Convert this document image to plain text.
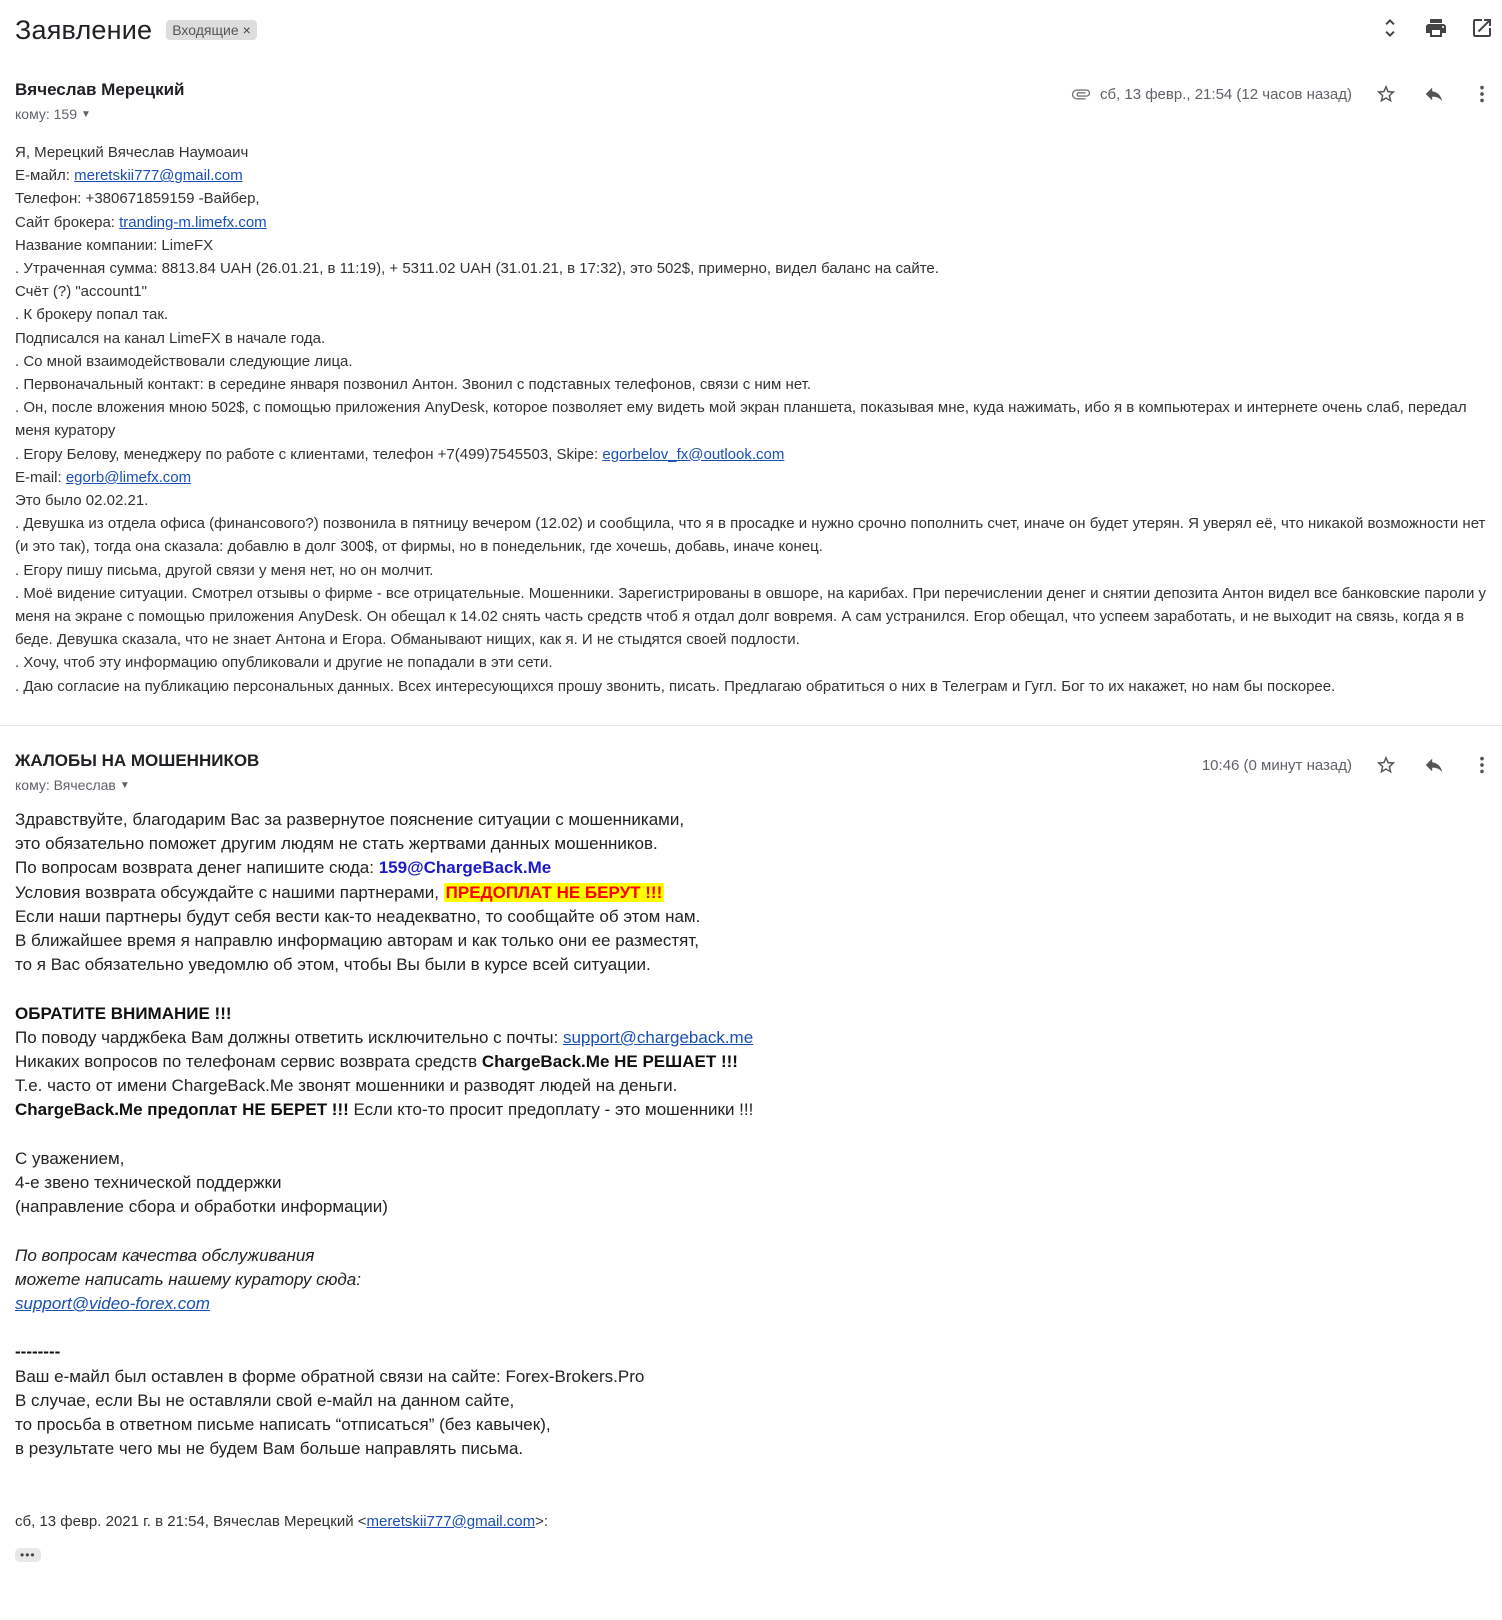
Заявление Входящие ×
Вячеслав Мерецкий
кому: 159 ▼
сб, 13 февр., 21:54 (12 часов назад)
Я, Мерецкий Вячеслав Наумоаич
Е-майл: meretskii777@gmail.com
Телефон: +380671859159 -Вайбер,
Сайт брокера: tranding-m.limefx.com
Название компании: LimeFX
. Утраченная сумма: 8813.84 UAH (26.01.21, в 11:19), + 5311.02 UAH (31.01.21, в 17:32), это 502$, примерно, видел баланс на сайте.
Счёт (?) "account1"
. К брокеру попал так.
Подписался на канал LimeFX в начале года.
. Со мной взаимодействовали следующие лица.
. Первоначальный контакт: в середине января позвонил Антон. Звонил с подставных телефонов, связи с ним нет.
. Он, после вложения мною 502$, с помощью приложения AnyDesk, которое позволяет ему видеть мой экран планшета, показывая мне, куда нажимать, ибо я в компьютерах и интернете очень слаб, передал меня куратору
. Егору Белову, менеджеру по работе с клиентами, телефон +7(499)7545503, Skipe: egorbelov_fx@outlook.com
E-mail: egorb@limefx.com
Это было 02.02.21.
. Девушка из отдела офиса (финансового?) позвонила в пятницу вечером (12.02) и сообщила, что я в просадке и нужно срочно пополнить счет, иначе он будет утерян. Я уверял её, что никакой возможности нет (и это так), тогда она сказала: добавлю в долг 300$, от фирмы, но в понедельник, где хочешь, добавь, иначе конец.
. Егору пишу письма, другой связи у меня нет, но он молчит.
. Моё видение ситуации. Смотрел отзывы о фирме - все отрицательные. Мошенники. Зарегистрированы в овшоре, на карибах. При перечислении денег и снятии депозита Антон видел все банковские пароли у меня на экране с помощью приложения AnyDesk. Он обещал к 14.02 снять часть средств чтоб я отдал долг вовремя. А сам устранился. Егор обещал, что успеем заработать, и не выходит на связь, когда я в беде. Девушка сказала, что не знает Антона и Егора. Обманывают нищих, как я. И не стыдятся своей подлости.
. Хочу, чтоб эту информацию опубликовали и другие не попадали в эти сети.
. Даю согласие на публикацию персональных данных. Всех интересующихся прошу звонить, писать. Предлагаю обратиться о них в Телеграм и Гугл. Бог то их накажет, но нам бы поскорее.
ЖАЛОБЫ НА МОШЕННИКОВ
кому: Вячеслав ▼
10:46 (0 минут назад)
Здравствуйте, благодарим Вас за развернутое пояснение ситуации с мошенниками,
это обязательно поможет другим людям не стать жертвами данных мошенников.
По вопросам возврата денег напишите сюда: 159@ChargeBack.Me
Условия возврата обсуждайте с нашими партнерами, ПРЕДОПЛАТ НЕ БЕРУТ !!!
Если наши партнеры будут себя вести как-то неадекватно, то сообщайте об этом нам.
В ближайшее время я направлю информацию авторам и как только они ее разместят,
то я Вас обязательно уведомлю об этом, чтобы Вы были в курсе всей ситуации.
ОБРАТИТЕ ВНИМАНИЕ !!!
По поводу чарджбека Вам должны ответить исключительно с почты: support@chargeback.me
Никаких вопросов по телефонам сервис возврата средств ChargeBack.Me НЕ РЕШАЕТ !!!
Т.е. часто от имени ChargeBack.Me звонят мошенники и разводят людей на деньги.
ChargeBack.Me предоплат НЕ БЕРЕТ !!! Если кто-то просит предоплату - это мошенники !!!
С уважением,
4-е звено технической поддержки
(направление сбора и обработки информации)
По вопросам качества обслуживания
можете написать нашему куратору сюда:
support@video-forex.com
--------
Ваш е-майл был оставлен в форме обратной связи на сайте: Forex-Brokers.Pro
В случае, если Вы не оставляли свой е-майл на данном сайте,
то просьба в ответном письме написать “отписаться” (без кавычек),
в результате чего мы не будем Вам больше направлять письма.
сб, 13 февр. 2021 г. в 21:54, Вячеслав Мерецкий <meretskii777@gmail.com>:
•••
